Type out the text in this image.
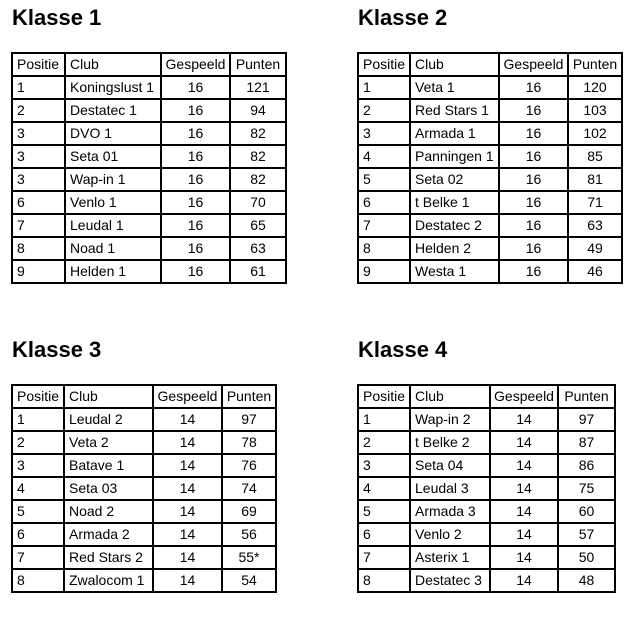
Klasse 1
Positie	Club	Gespeeld	Punten
1	Koningslust 1	16	121
2	Destatec 1	16	94
3	DVO 1	16	82
3	Seta 01	16	82
3	Wap-in 1	16	82
6	Venlo 1	16	70
7	Leudal 1	16	65
8	Noad 1	16	63
9	Helden 1	16	61
Klasse 2
Positie	Club	Gespeeld	Punten
1	Veta 1	16	120
2	Red Stars 1	16	103
3	Armada 1	16	102
4	Panningen 1	16	85
5	Seta 02	16	81
6	t Belke 1	16	71
7	Destatec 2	16	63
8	Helden 2	16	49
9	Westa 1	16	46
Klasse 3
Positie	Club	Gespeeld	Punten
1	Leudal 2	14	97
2	Veta 2	14	78
3	Batave 1	14	76
4	Seta 03	14	74
5	Noad 2	14	69
6	Armada 2	14	56
7	Red Stars 2	14	55*
8	Zwalocom 1	14	54
Klasse 4
Positie	Club	Gespeeld	Punten
1	Wap-in 2	14	97
2	t Belke 2	14	87
3	Seta 04	14	86
4	Leudal 3	14	75
5	Armada 3	14	60
6	Venlo 2	14	57
7	Asterix 1	14	50
8	Destatec 3	14	48
